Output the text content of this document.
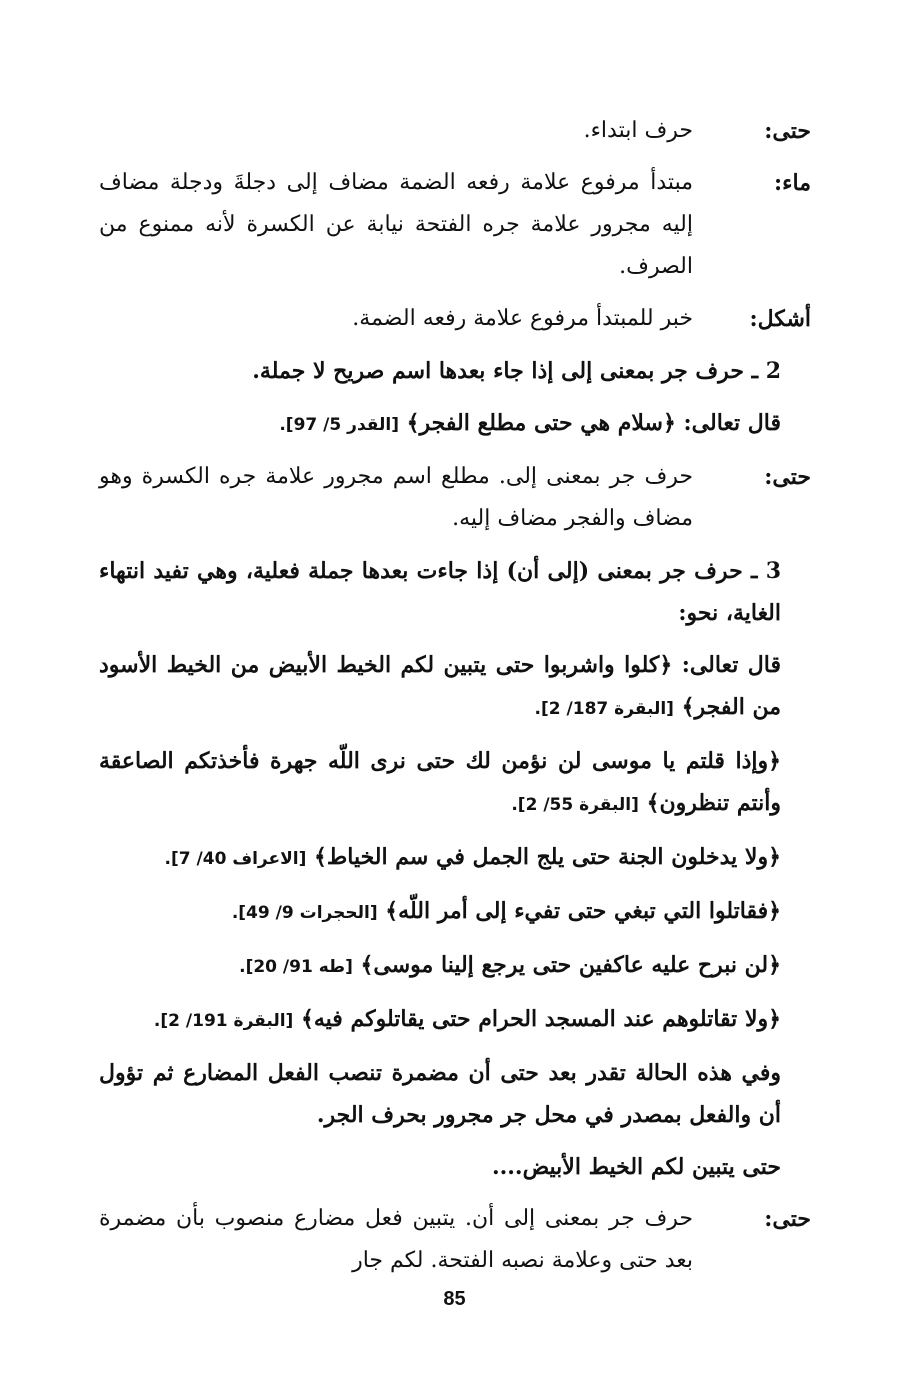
حتى:
حرف ابتداء.
ماء:
مبتدأ مرفوع علامة رفعه الضمة مضاف إلى دجلةَ ودجلة مضاف إليه مجرور علامة جره الفتحة نيابة عن الكسرة لأنه ممنوع من الصرف.
أشكل:
خبر للمبتدأ مرفوع علامة رفعه الضمة.
2 ـ حرف جر بمعنى إلى إذا جاء بعدها اسم صريح لا جملة.
قال تعالى: ﴿سلام هي حتى مطلع الفجر﴾ [القدر 5/ 97].
حتى:
حرف جر بمعنى إلى. مطلع اسم مجرور علامة جره الكسرة وهو مضاف والفجر مضاف إليه.
3 ـ حرف جر بمعنى (إلى أن) إذا جاءت بعدها جملة فعلية، وهي تفيد انتهاء الغاية، نحو:
قال تعالى: ﴿كلوا واشربوا حتى يتبين لكم الخيط الأبيض من الخيط الأسود من الفجر﴾ [البقرة 187/ 2].
﴿وإذا قلتم يا موسى لن نؤمن لك حتى نرى اللّه جهرة فأخذتكم الصاعقة وأنتم تنظرون﴾ [البقرة 55/ 2].
﴿ولا يدخلون الجنة حتى يلج الجمل في سم الخياط﴾ [الاعراف 40/ 7].
﴿فقاتلوا التي تبغي حتى تفيء إلى أمر اللّه﴾ [الحجرات 9/ 49].
﴿لن نبرح عليه عاكفين حتى يرجع إلينا موسى﴾ [طه 91/ 20].
﴿ولا تقاتلوهم عند المسجد الحرام حتى يقاتلوكم فيه﴾ [البقرة 191/ 2].
وفي هذه الحالة تقدر بعد حتى أن مضمرة تنصب الفعل المضارع ثم تؤول أن والفعل بمصدر في محل جر مجرور بحرف الجر.
حتى يتبين لكم الخيط الأبيض....
حتى:
حرف جر بمعنى إلى أن. يتبين فعل مضارع منصوب بأن مضمرة بعد حتى وعلامة نصبه الفتحة. لكم جار
85
